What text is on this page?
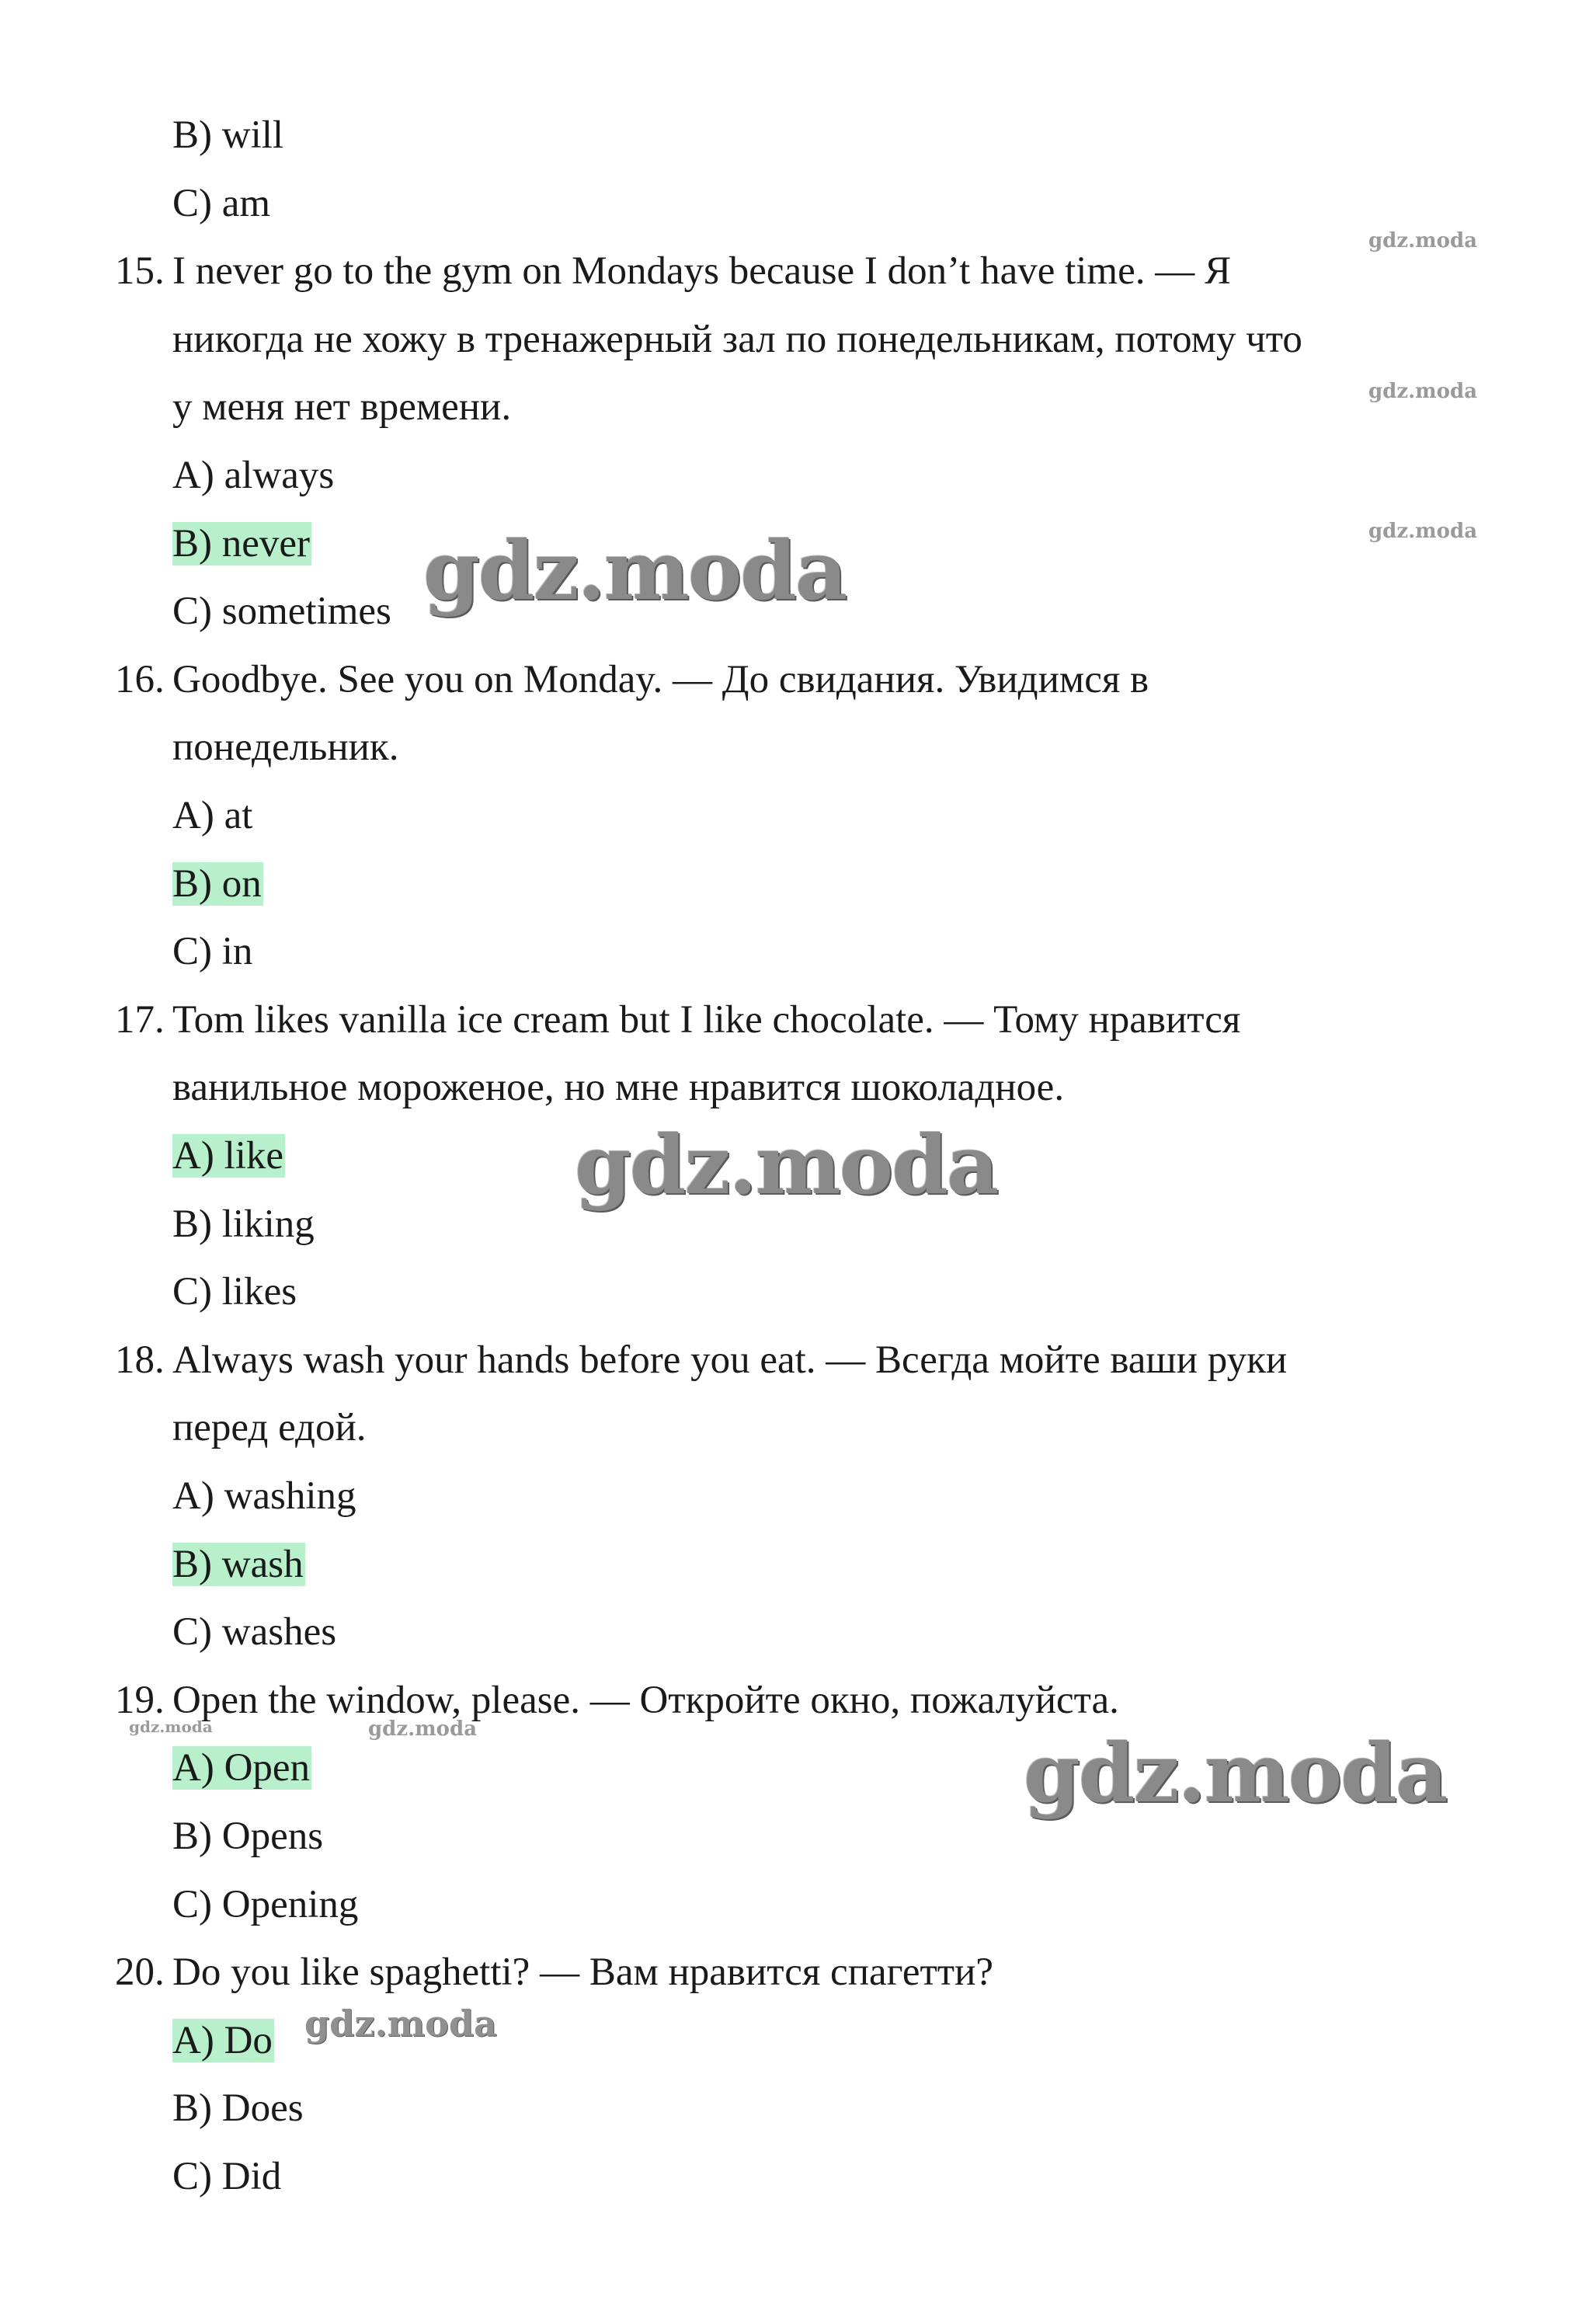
B) will
C) am
15. I never go to the gym on Mondays because I don’t have time. — Я
никогда не хожу в тренажерный зал по понедельникам, потому что
у меня нет времени.
A) always
B) never
C) sometimes
16. Goodbye. See you on Monday. — До свидания. Увидимся в
понедельник.
A) at
B) on
C) in
17. Tom likes vanilla ice cream but I like chocolate. — Тому нравится
ванильное мороженое, но мне нравится шоколадное.
A) like
B) liking
C) likes
18. Always wash your hands before you eat. — Всегда мойте ваши руки
перед едой.
A) washing
B) wash
C) washes
19. Open the window, please. — Откройте окно, пожалуйста.
A) Open
B) Opens
C) Opening
20. Do you like spaghetti? — Вам нравится спагетти?
A) Do
B) Does
C) Did
gdz.moda
gdz.moda
gdz.moda
gdz.moda
gdz.moda
gdz.moda
gdz.moda	gdz.moda
gdz.moda
